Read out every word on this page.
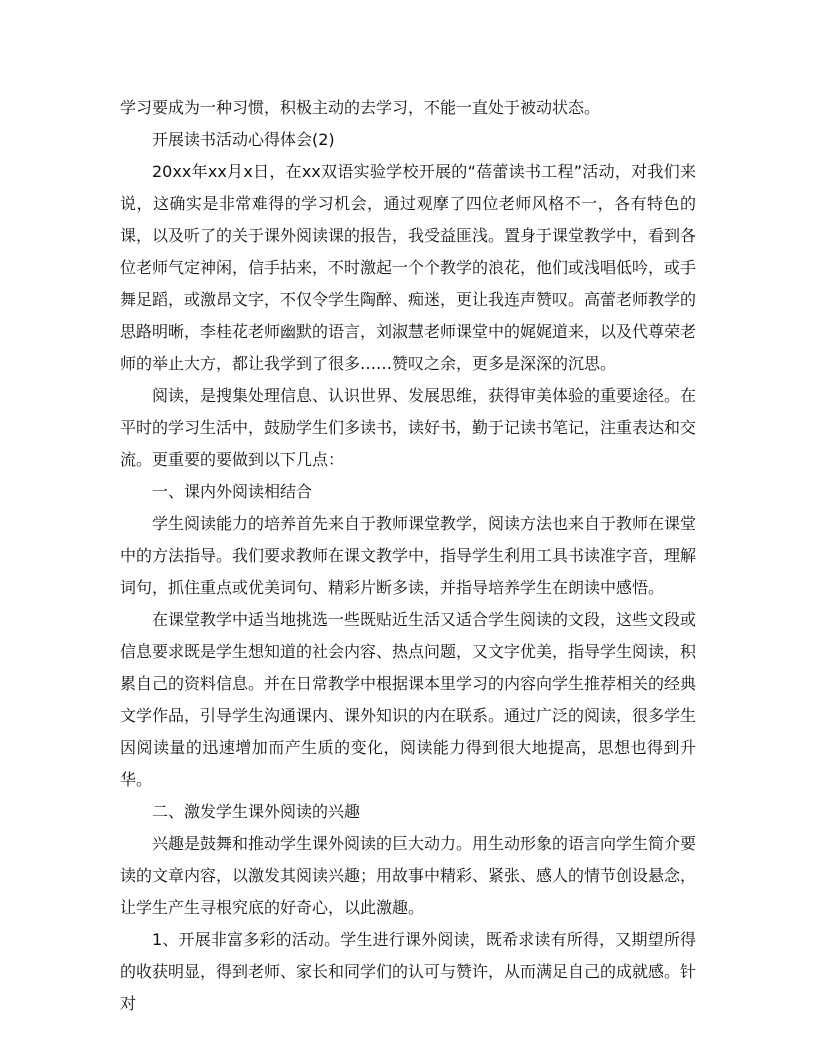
学习要成为一种习惯，积极主动的去学习，不能一直处于被动状态。

开展读书活动心得体会(2)

20xx年xx月x日，在xx双语实验学校开展的“蓓蕾读书工程”活动，对我们来说，这确实是非常难得的学习机会，通过观摩了四位老师风格不一，各有特色的课，以及听了的关于课外阅读课的报告，我受益匪浅。置身于课堂教学中，看到各位老师气定神闲，信手拈来，不时激起一个个教学的浪花，他们或浅唱低吟，或手舞足蹈，或激昂文字，不仅令学生陶醉、痴迷，更让我连声赞叹。高蕾老师教学的思路明晰，李桂花老师幽默的语言，刘淑慧老师课堂中的娓娓道来，以及代尊荣老师的举止大方，都让我学到了很多……赞叹之余，更多是深深的沉思。

阅读，是搜集处理信息、认识世界、发展思维，获得审美体验的重要途径。在平时的学习生活中，鼓励学生们多读书，读好书，勤于记读书笔记，注重表达和交流。更重要的要做到以下几点：

一、课内外阅读相结合

学生阅读能力的培养首先来自于教师课堂教学，阅读方法也来自于教师在课堂中的方法指导。我们要求教师在课文教学中，指导学生利用工具书读准字音，理解词句，抓住重点或优美词句、精彩片断多读，并指导培养学生在朗读中感悟。

在课堂教学中适当地挑选一些既贴近生活又适合学生阅读的文段，这些文段或信息要求既是学生想知道的社会内容、热点问题，又文字优美，指导学生阅读，积累自己的资料信息。并在日常教学中根据课本里学习的内容向学生推荐相关的经典文学作品，引导学生沟通课内、课外知识的内在联系。通过广泛的阅读，很多学生因阅读量的迅速增加而产生质的变化，阅读能力得到很大地提高，思想也得到升华。

二、激发学生课外阅读的兴趣

兴趣是鼓舞和推动学生课外阅读的巨大动力。用生动形象的语言向学生简介要读的文章内容，以激发其阅读兴趣；用故事中精彩、紧张、感人的情节创设悬念，让学生产生寻根究底的好奇心，以此激趣。

1、开展非富多彩的活动。学生进行课外阅读，既希求读有所得，又期望所得的收获明显，得到老师、家长和同学们的认可与赞许，从而满足自己的成就感。针对
